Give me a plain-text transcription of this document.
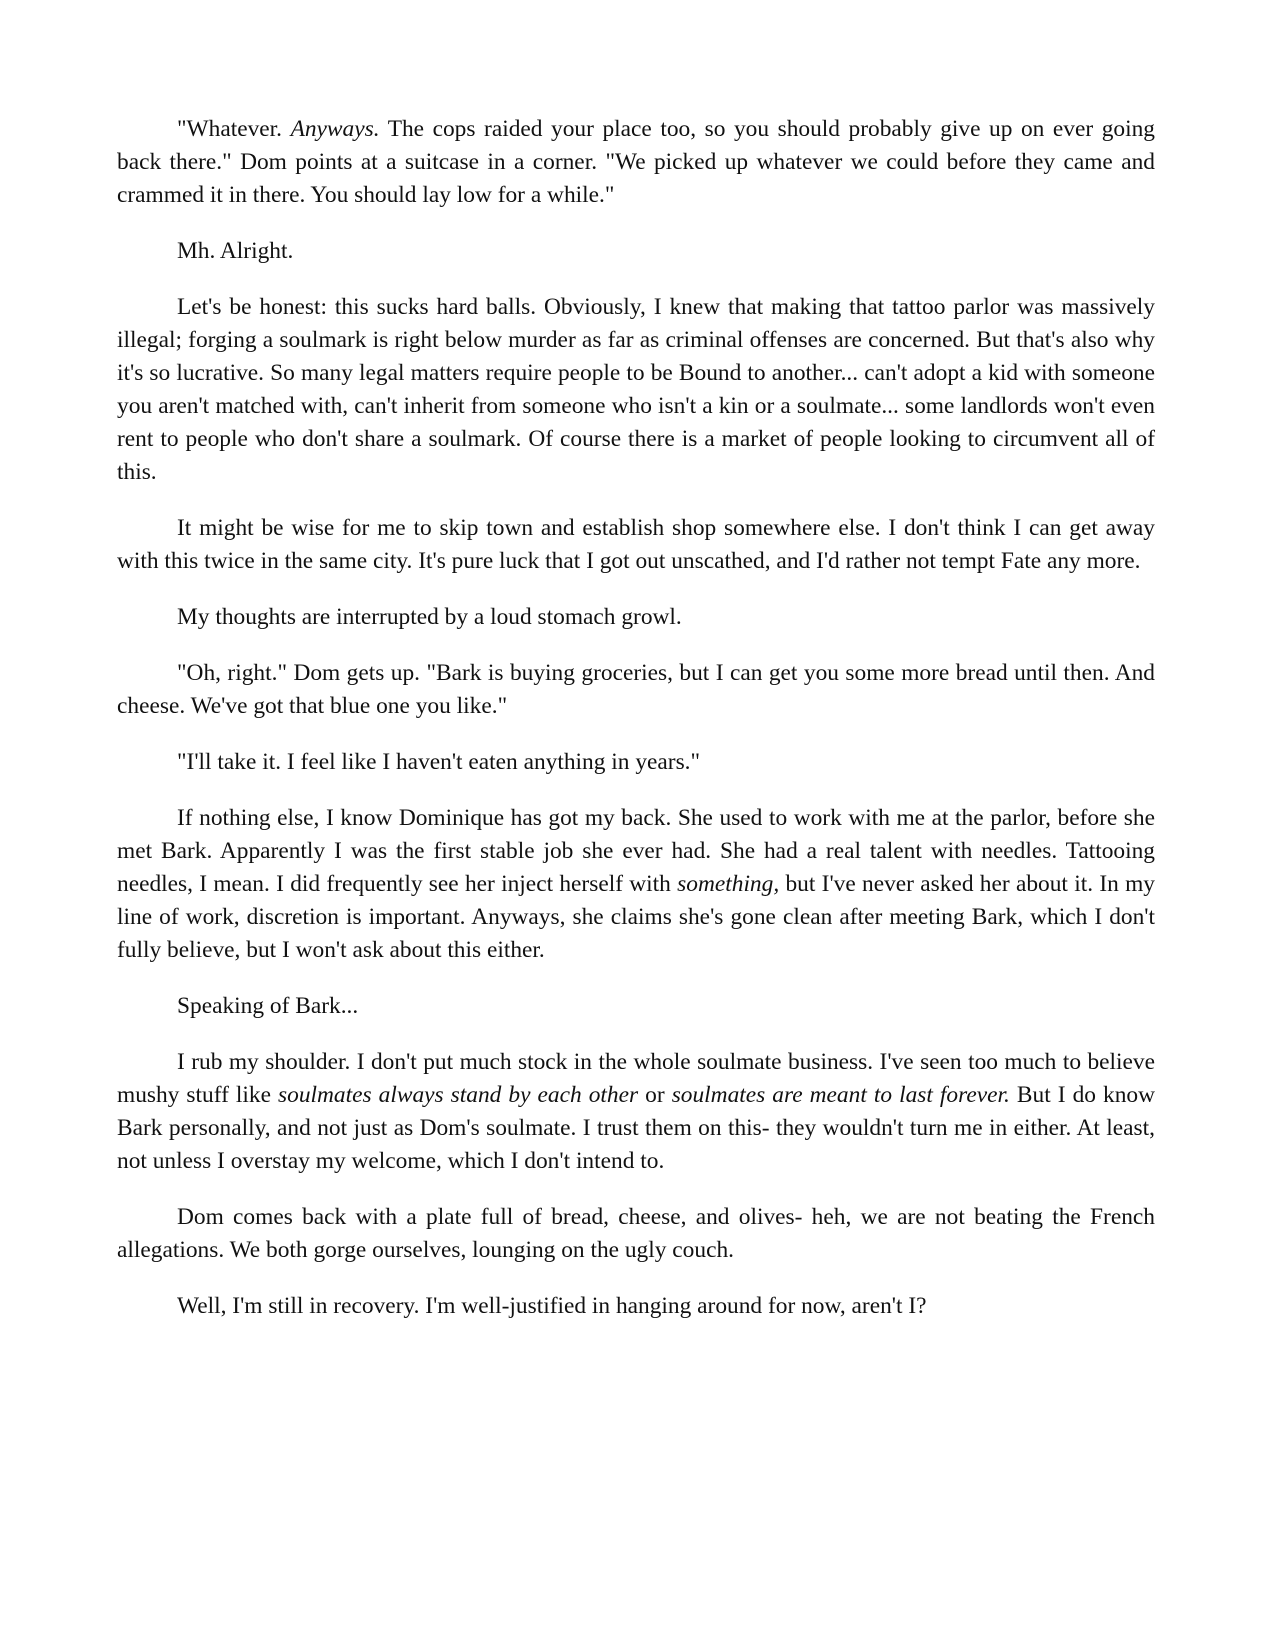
"Whatever. Anyways. The cops raided your place too, so you should probably give up on ever going back there." Dom points at a suitcase in a corner. "We picked up whatever we could before they came and crammed it in there. You should lay low for a while."

Mh. Alright.

Let's be honest: this sucks hard balls. Obviously, I knew that making that tattoo parlor was massively illegal; forging a soulmark is right below murder as far as criminal offenses are concerned. But that's also why it's so lucrative. So many legal matters require people to be Bound to another... can't adopt a kid with someone you aren't matched with, can't inherit from someone who isn't a kin or a soulmate... some landlords won't even rent to people who don't share a soulmark. Of course there is a market of people looking to circumvent all of this.

It might be wise for me to skip town and establish shop somewhere else. I don't think I can get away with this twice in the same city. It's pure luck that I got out unscathed, and I'd rather not tempt Fate any more.

My thoughts are interrupted by a loud stomach growl.

"Oh, right." Dom gets up. "Bark is buying groceries, but I can get you some more bread until then. And cheese. We've got that blue one you like."

"I'll take it. I feel like I haven't eaten anything in years."

If nothing else, I know Dominique has got my back. She used to work with me at the parlor, before she met Bark. Apparently I was the first stable job she ever had. She had a real talent with needles. Tattooing needles, I mean. I did frequently see her inject herself with something, but I've never asked her about it. In my line of work, discretion is important. Anyways, she claims she's gone clean after meeting Bark, which I don't fully believe, but I won't ask about this either.

Speaking of Bark...

I rub my shoulder. I don't put much stock in the whole soulmate business. I've seen too much to believe mushy stuff like soulmates always stand by each other or soulmates are meant to last forever. But I do know Bark personally, and not just as Dom's soulmate. I trust them on this- they wouldn't turn me in either. At least, not unless I overstay my welcome, which I don't intend to.

Dom comes back with a plate full of bread, cheese, and olives- heh, we are not beating the French allegations. We both gorge ourselves, lounging on the ugly couch.

Well, I'm still in recovery. I'm well-justified in hanging around for now, aren't I?
